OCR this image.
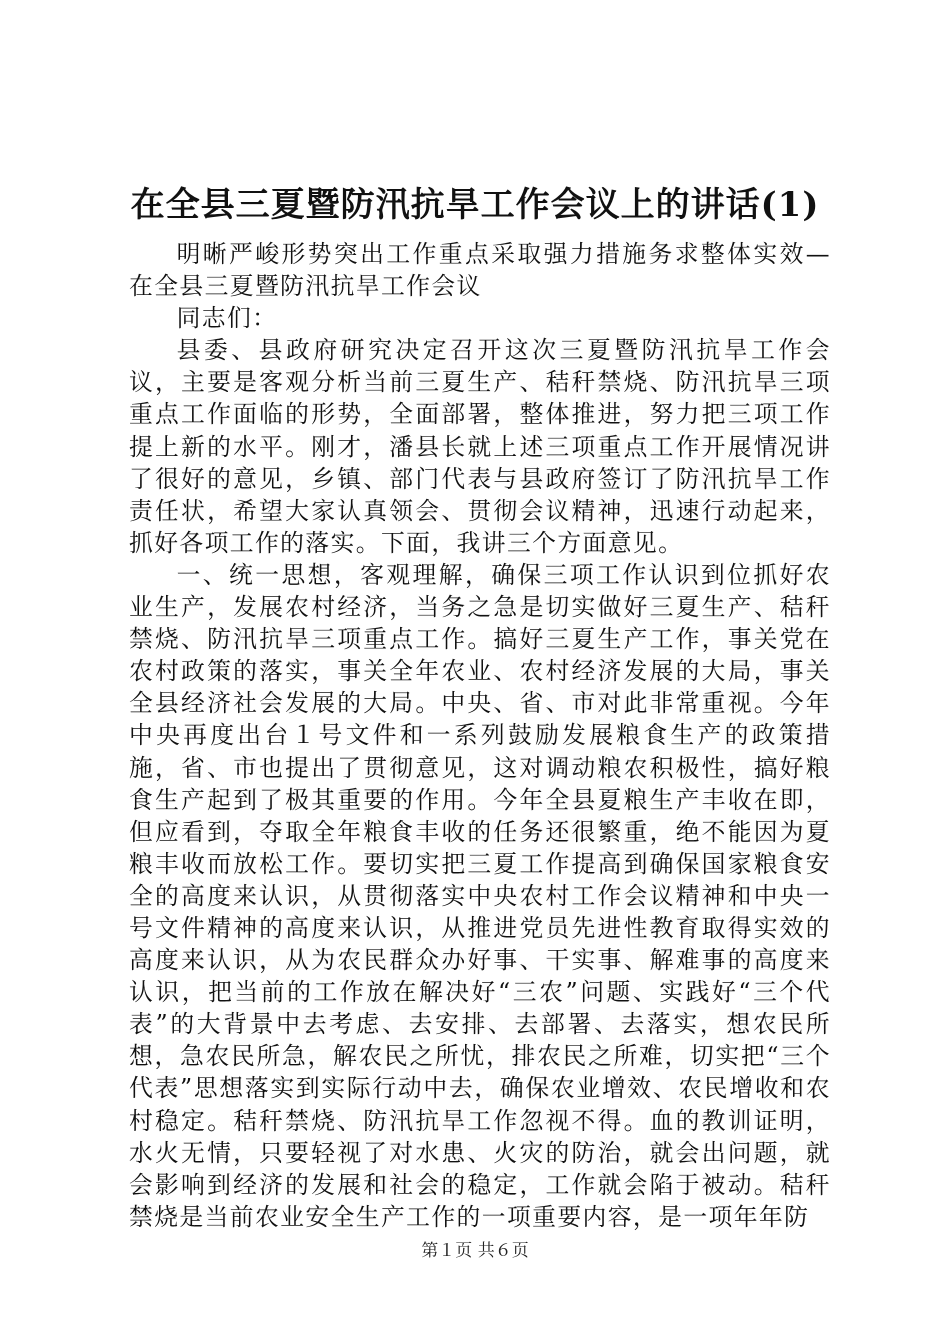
在全县三夏暨防汛抗旱工作会议上的讲话(1)

明晰严峻形势突出工作重点采取强力措施务求整体实效—在全县三夏暨防汛抗旱工作会议

同志们：

县委、县政府研究决定召开这次三夏暨防汛抗旱工作会议，主要是客观分析当前三夏生产、秸秆禁烧、防汛抗旱三项重点工作面临的形势，全面部署，整体推进，努力把三项工作提上新的水平。刚才，潘县长就上述三项重点工作开展情况讲了很好的意见，乡镇、部门代表与县政府签订了防汛抗旱工作责任状，希望大家认真领会、贯彻会议精神，迅速行动起来，抓好各项工作的落实。下面，我讲三个方面意见。

一、统一思想，客观理解，确保三项工作认识到位抓好农业生产，发展农村经济，当务之急是切实做好三夏生产、秸秆禁烧、防汛抗旱三项重点工作。搞好三夏生产工作，事关党在农村政策的落实，事关全年农业、农村经济发展的大局，事关全县经济社会发展的大局。中央、省、市对此非常重视。今年中央再度出台１号文件和一系列鼓励发展粮食生产的政策措施，省、市也提出了贯彻意见，这对调动粮农积极性，搞好粮食生产起到了极其重要的作用。今年全县夏粮生产丰收在即，但应看到，夺取全年粮食丰收的任务还很繁重，绝不能因为夏粮丰收而放松工作。要切实把三夏工作提高到确保国家粮食安全的高度来认识，从贯彻落实中央农村工作会议精神和中央一号文件精神的高度来认识，从推进党员先进性教育取得实效的高度来认识，从为农民群众办好事、干实事、解难事的高度来认识，把当前的工作放在解决好“三农”问题、实践好“三个代表”的大背景中去考虑、去安排、去部署、去落实，想农民所想，急农民所急，解农民之所忧，排农民之所难，切实把“三个代表”思想落实到实际行动中去，确保农业增效、农民增收和农村稳定。秸秆禁烧、防汛抗旱工作忽视不得。血的教训证明，水火无情，只要轻视了对水患、火灾的防治，就会出问题，就会影响到经济的发展和社会的稳定，工作就会陷于被动。秸秆禁烧是当前农业安全生产工作的一项重要内容，是一项年年防

第１页 共６页
